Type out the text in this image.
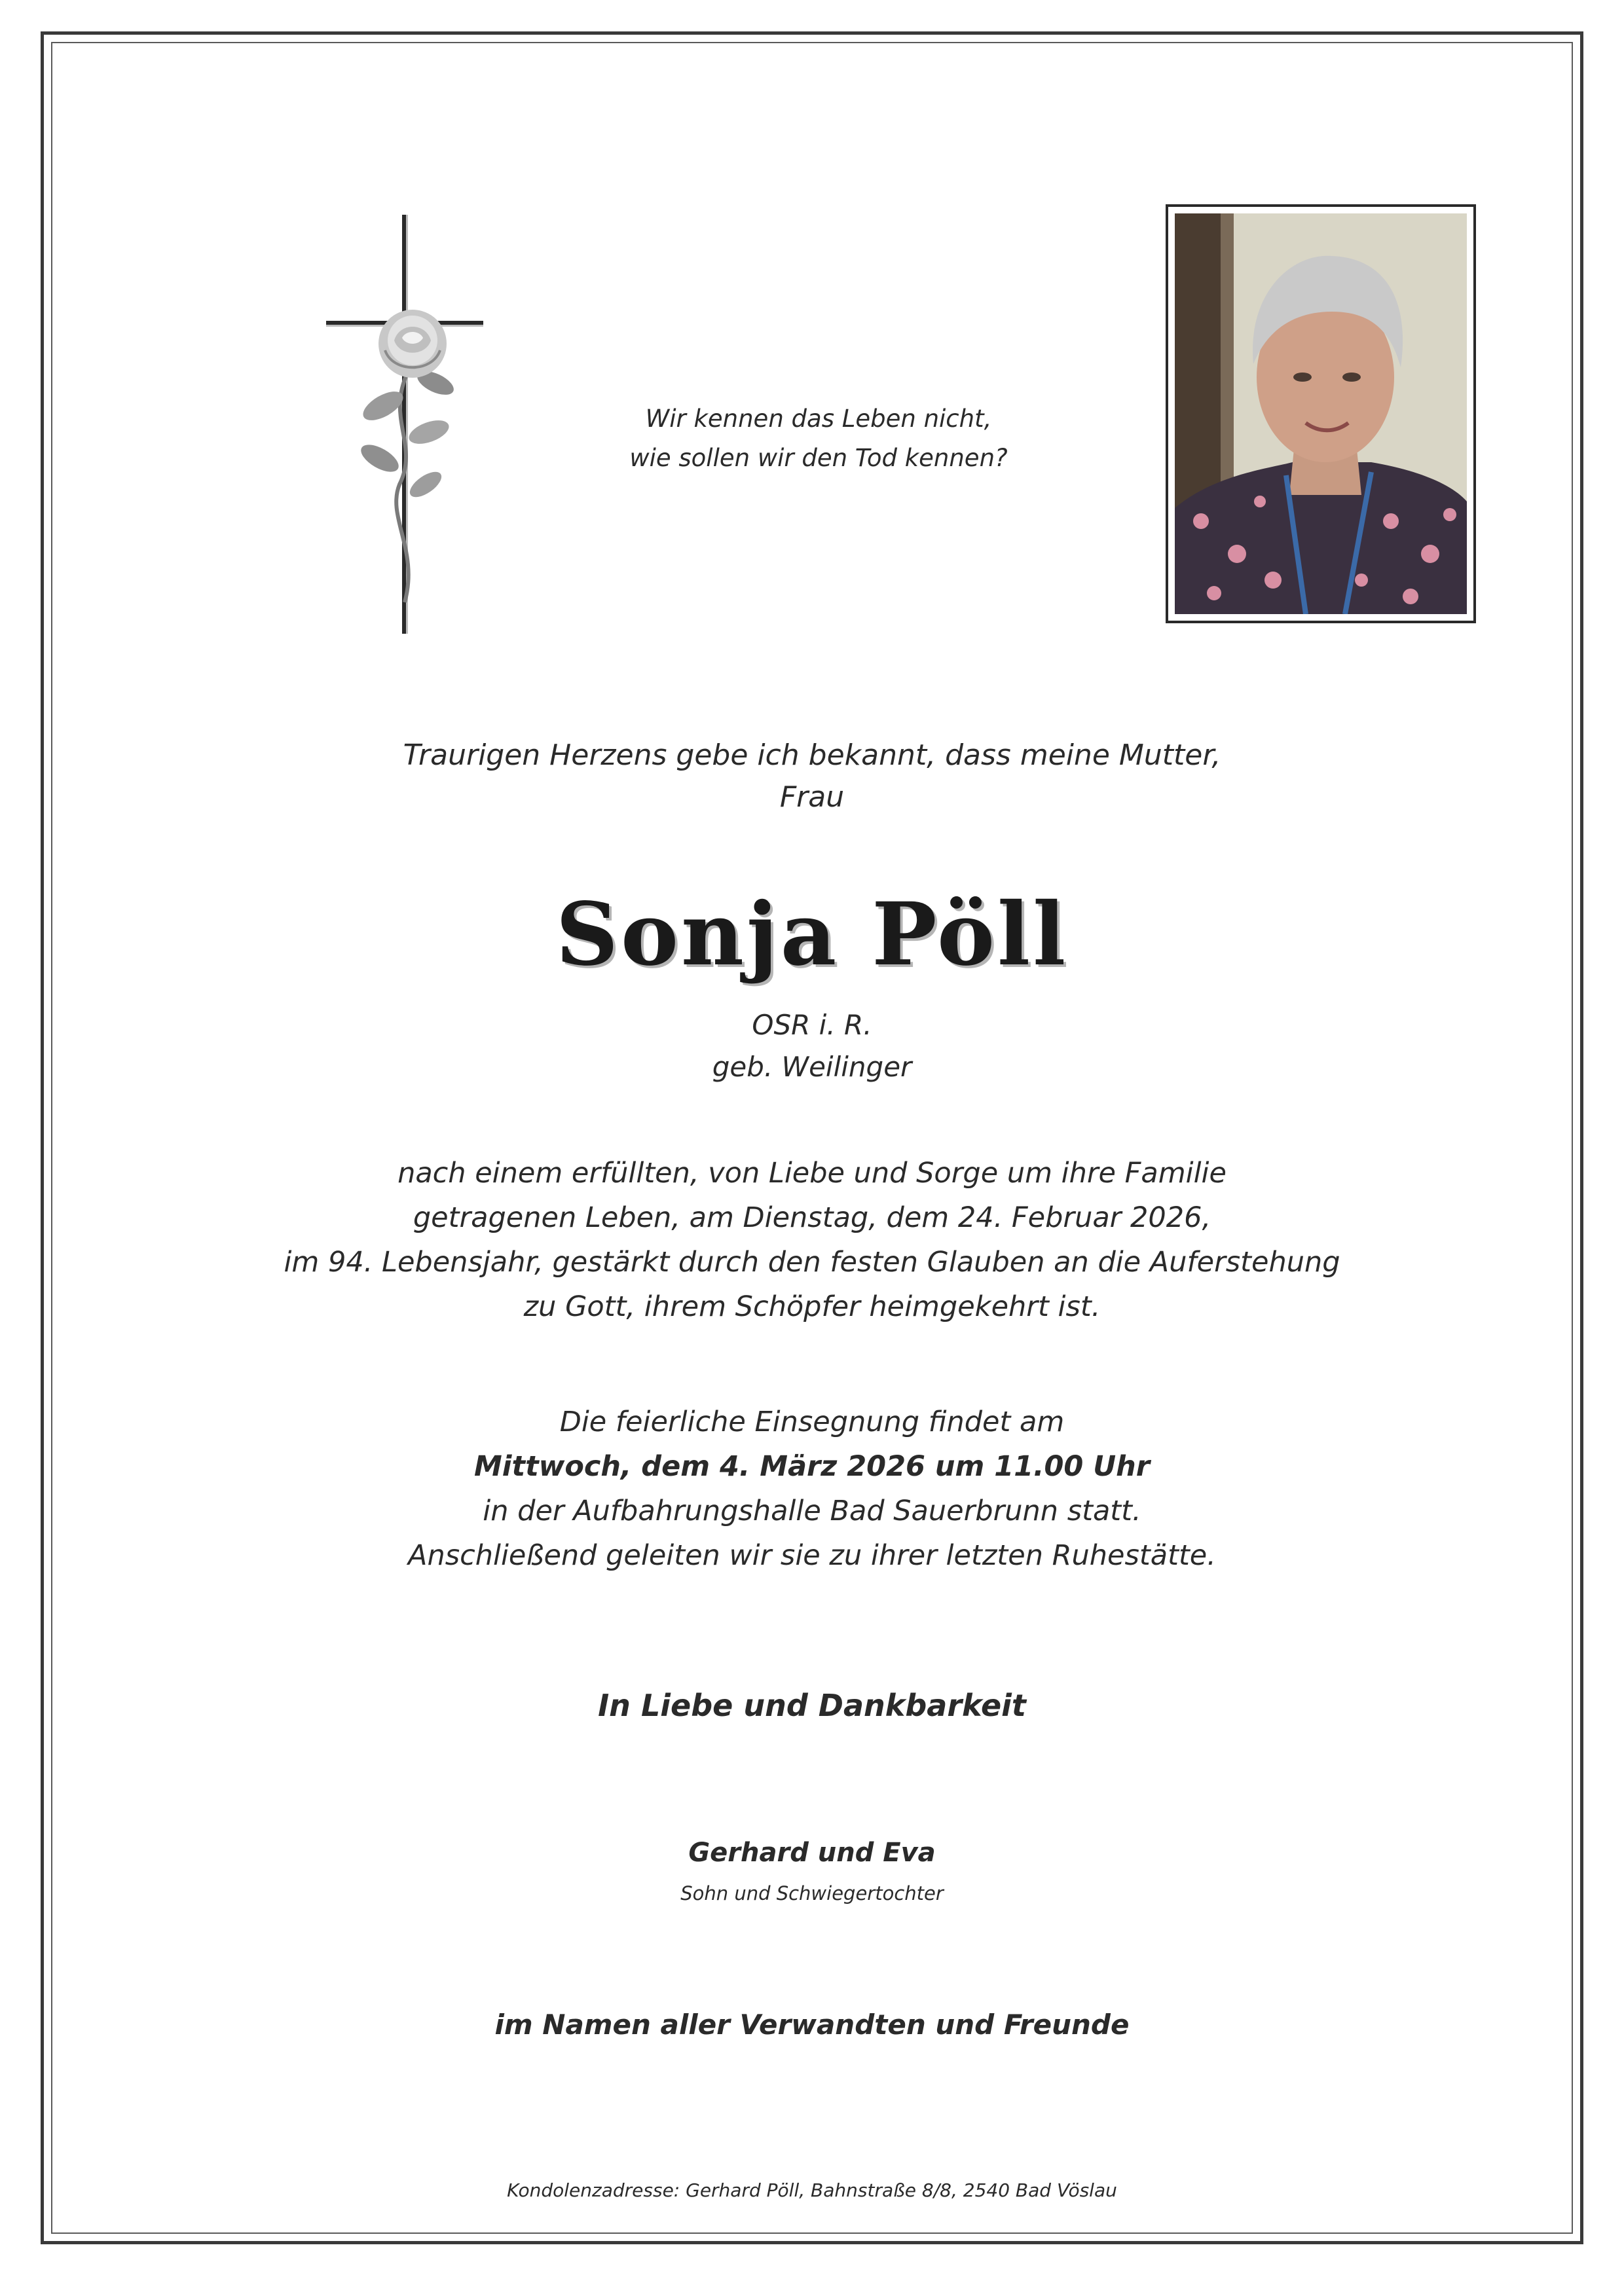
Wir kennen das Leben nicht,
wie sollen wir den Tod kennen?
Traurigen Herzens gebe ich bekannt, dass meine Mutter,
Frau
Sonja Pöll
OSR i. R.
geb. Weilinger
nach einem erfüllten, von Liebe und Sorge um ihre Familie
getragenen Leben, am Dienstag, dem 24. Februar 2026,
im 94. Lebensjahr, gestärkt durch den festen Glauben an die Auferstehung
zu Gott, ihrem Schöpfer heimgekehrt ist.
Die feierliche Einsegnung findet am
Mittwoch, dem 4. März 2026 um 11.00 Uhr
in der Aufbahrungshalle Bad Sauerbrunn statt.
Anschließend geleiten wir sie zu ihrer letzten Ruhestätte.
In Liebe und Dankbarkeit
Gerhard und Eva
Sohn und Schwiegertochter
im Namen aller Verwandten und Freunde
Kondolenzadresse: Gerhard Pöll, Bahnstraße 8/8, 2540 Bad Vöslau
